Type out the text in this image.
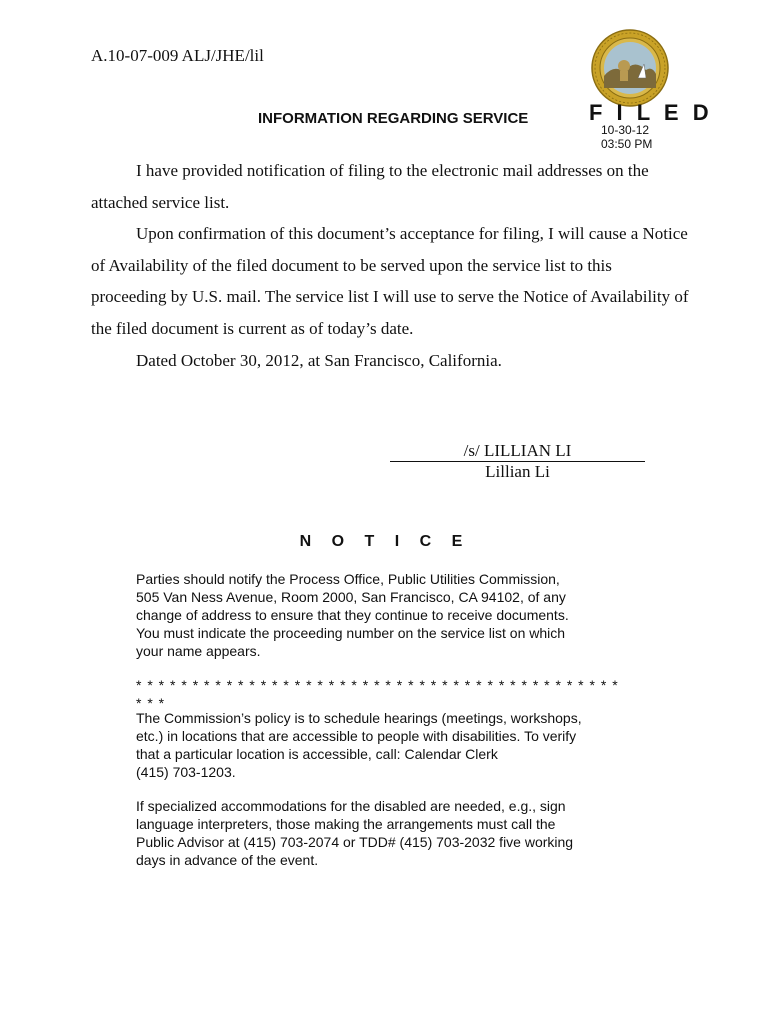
A.10-07-009 ALJ/JHE/lil
INFORMATION REGARDING SERVICE	F I L E D
10-30-12
03:50 PM

I have provided notification of filing to the electronic mail addresses on the attached service list.

Upon confirmation of this document’s acceptance for filing, I will cause a Notice of Availability of the filed document to be served upon the service list to this proceeding by U.S. mail. The service list I will use to serve the Notice of Availability of the filed document is current as of today’s date.

Dated October 30, 2012, at San Francisco, California.

/s/ LILLIAN LI
Lillian Li
N O T I C E

Parties should notify the Process Office, Public Utilities Commission,
505 Van Ness Avenue, Room 2000, San Francisco, CA 94102, of any
change of address to ensure that they continue to receive documents.
You must indicate the proceeding number on the service list on which
your name appears.

* * * * * * * * * * * * * * * * * * * * * * * * * * * * * * * * * * * * * * * * * * * * * *

The Commission’s policy is to schedule hearings (meetings, workshops,
etc.) in locations that are accessible to people with disabilities. To verify
that a particular location is accessible, call: Calendar Clerk
(415) 703-1203.

If specialized accommodations for the disabled are needed, e.g., sign
language interpreters, those making the arrangements must call the
Public Advisor at (415) 703-2074 or TDD# (415) 703-2032 five working
days in advance of the event.
